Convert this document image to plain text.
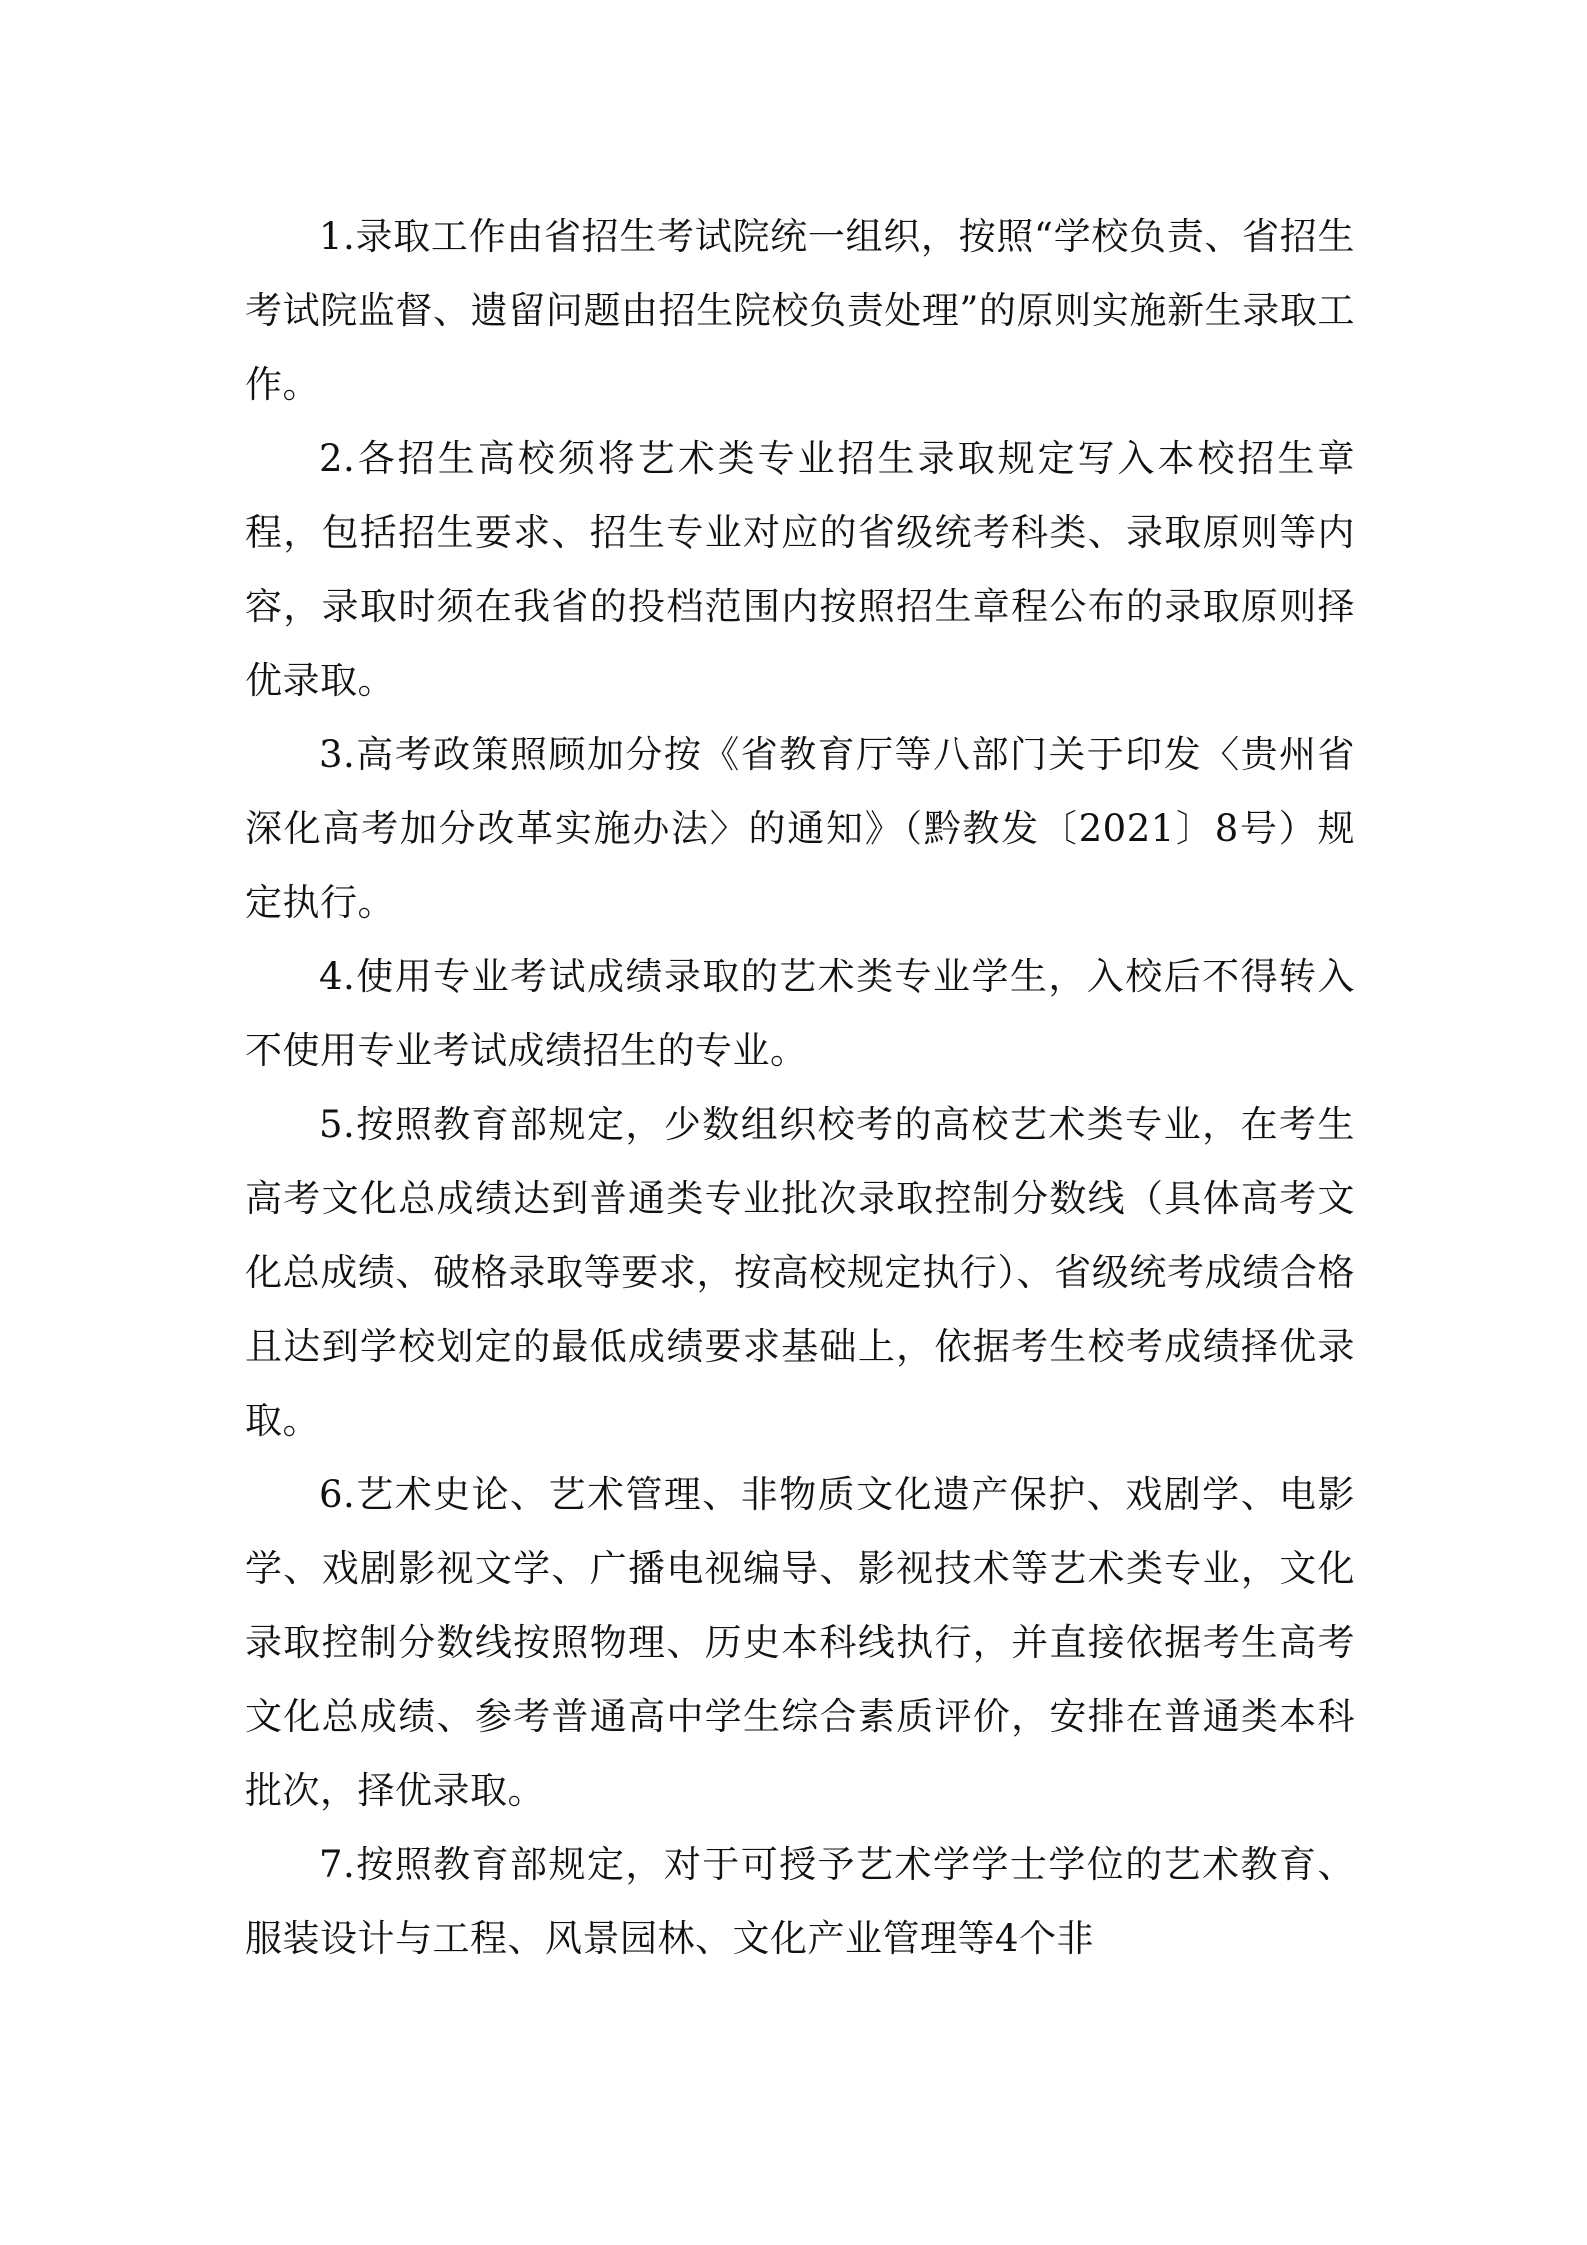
1.录取工作由省招生考试院统一组织，按照“学校负责、省招生考试院监督、遗留问题由招生院校负责处理”的原则实施新生录取工作。

2.各招生高校须将艺术类专业招生录取规定写入本校招生章程，包括招生要求、招生专业对应的省级统考科类、录取原则等内容，录取时须在我省的投档范围内按照招生章程公布的录取原则择优录取。

3.高考政策照顾加分按《省教育厅等八部门关于印发〈贵州省深化高考加分改革实施办法〉的通知》（黔教发〔2021〕8号）规定执行。

4.使用专业考试成绩录取的艺术类专业学生，入校后不得转入不使用专业考试成绩招生的专业。

5.按照教育部规定，少数组织校考的高校艺术类专业，在考生高考文化总成绩达到普通类专业批次录取控制分数线（具体高考文化总成绩、破格录取等要求，按高校规定执行）、省级统考成绩合格且达到学校划定的最低成绩要求基础上，依据考生校考成绩择优录取。

6.艺术史论、艺术管理、非物质文化遗产保护、戏剧学、电影学、戏剧影视文学、广播电视编导、影视技术等艺术类专业，文化录取控制分数线按照物理、历史本科线执行，并直接依据考生高考文化总成绩、参考普通高中学生综合素质评价，安排在普通类本科批次，择优录取。

7.按照教育部规定，对于可授予艺术学学士学位的艺术教育、服装设计与工程、风景园林、文化产业管理等4个非
